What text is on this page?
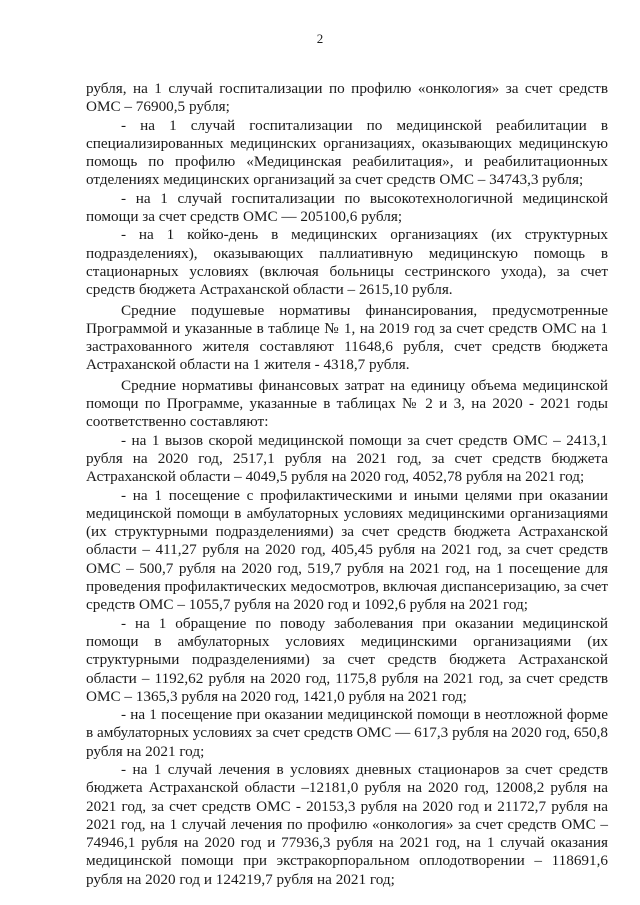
2

рубля, на 1 случай госпитализации по профилю «онкология» за счет средств ОМС – 76900,5 рубля;

- на 1 случай госпитализации по медицинской реабилитации в специализированных медицинских организациях, оказывающих медицинскую помощь по профилю «Медицинская реабилитация», и реабилитационных отделениях медицинских организаций за счет средств ОМС – 34743,3 рубля;

- на 1 случай госпитализации по высокотехнологичной медицинской помощи за счет средств ОМС — 205100,6 рубля;

- на 1 койко-день в медицинских организациях (их структурных подразделениях), оказывающих паллиативную медицинскую помощь в стационарных условиях (включая больницы сестринского ухода), за счет средств бюджета Астраханской области – 2615,10 рубля.

Средние подушевые нормативы финансирования, предусмотренные Программой и указанные в таблице № 1, на 2019 год за счет средств ОМС на 1 застрахованного жителя составляют 11648,6 рубля, счет средств бюджета Астраханской области на 1 жителя - 4318,7 рубля.

Средние нормативы финансовых затрат на единицу объема медицинской помощи по Программе, указанные в таблицах № 2 и 3, на 2020 - 2021 годы соответственно составляют:

- на 1 вызов скорой медицинской помощи за счет средств ОМС – 2413,1 рубля на 2020 год, 2517,1 рубля на 2021 год, за счет средств бюджета Астраханской области – 4049,5 рубля на 2020 год, 4052,78 рубля на 2021 год;

- на 1 посещение с профилактическими и иными целями при оказании медицинской помощи в амбулаторных условиях медицинскими организациями (их структурными подразделениями) за счет средств бюджета Астраханской области – 411,27 рубля на 2020 год, 405,45 рубля на 2021 год, за счет средств ОМС – 500,7 рубля на 2020 год, 519,7 рубля на 2021 год, на 1 посещение для проведения профилактических медосмотров, включая диспансеризацию, за счет средств ОМС – 1055,7 рубля на 2020 год и 1092,6 рубля на 2021 год;

- на 1 обращение по поводу заболевания при оказании медицинской помощи в амбулаторных условиях медицинскими организациями (их структурными подразделениями) за счет средств бюджета Астраханской области – 1192,62 рубля на 2020 год, 1175,8 рубля на 2021 год, за счет средств ОМС – 1365,3 рубля на 2020 год, 1421,0 рубля на 2021 год;

- на 1 посещение при оказании медицинской помощи в неотложной форме в амбулаторных условиях за счет средств ОМС — 617,3 рубля на 2020 год, 650,8 рубля на 2021 год;

- на 1 случай лечения в условиях дневных стационаров за счет средств бюджета Астраханской области –12181,0 рубля на 2020 год, 12008,2 рубля на 2021 год, за счет средств ОМС - 20153,3 рубля на 2020 год и 21172,7 рубля на 2021 год, на 1 случай лечения по профилю «онкология» за счет средств ОМС – 74946,1 рубля на 2020 год и 77936,3 рубля на 2021 год, на 1 случай оказания медицинской помощи при экстракорпоральном оплодотворении – 118691,6 рубля на 2020 год и 124219,7 рубля на 2021 год;
